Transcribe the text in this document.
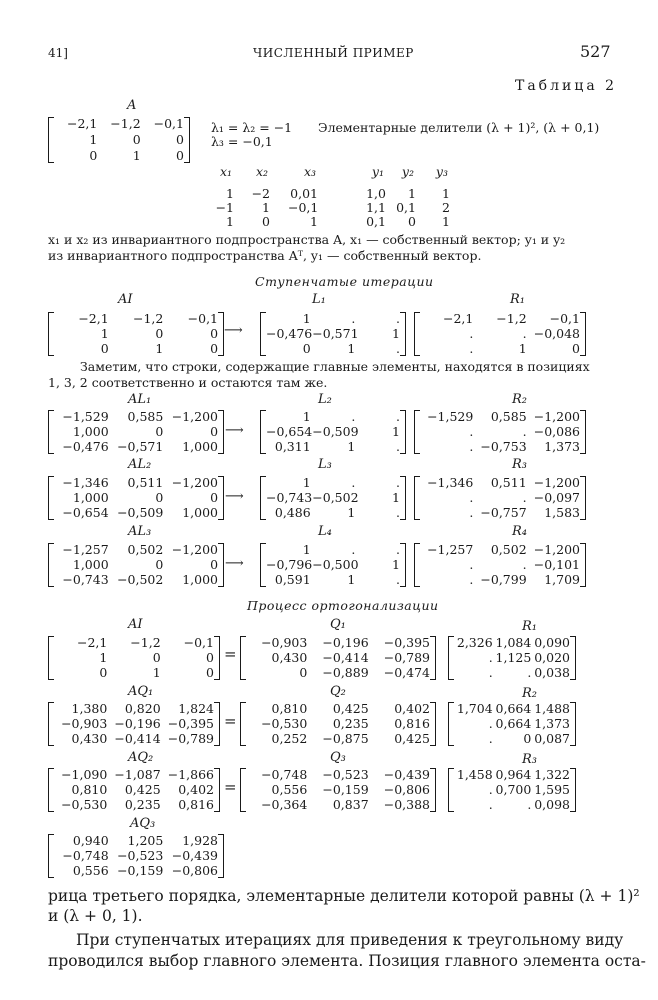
41]	ЧИСЛЕННЫЙ ПРИМЕР	527
Таблица 2
A
−2,1	−1,2	−0,1
1	0	0
0	1	0
λ₁ = λ₂ = −1
λ₃ = −0,1
Элементарные делители (λ + 1)², (λ + 0,1)
x₁	x₂	x₃	y₁	y₂	y₃
1	−2 0,01	1,0	1	1
−1	1 −0,1	1,1 0,1	2
1	0	1	0,1	0	1
x₁ и x₂ из инвариантного подпространства A, x₁ — собственный вектор; y₁ и y₂
из инвариантного подпространства Aᵀ, y₁ — собственный вектор.
Ступенчатые итерации
AI	L₁	R₁
−2,1	−1,2	−0,1
1	0	0
0	1	0
⟶
1	.	.
−0,476 −0,571	1
0	1	.
−2,1	−1,2	−0,1
.	. −0,048
.	1	0
Заметим, что строки, содержащие главные элементы, находятся в позициях
1, 3, 2 соответственно и остаются там же.
AL₁	L₂	R₂
−1,529	0,585 −1,200
1,000	0	0
−0,476 −0,571	1,000
⟶
1	.	.
−0,654 −0,509	1
0,311	1	.
−1,529	0,585 −1,200
.	. −0,086
. −0,753	1,373
AL₂	L₃	R₃
−1,346	0,511 −1,200
1,000	0	0
−0,654 −0,509	1,000
⟶
1	.	.
−0,743 −0,502	1
0,486	1	.
−1,346	0,511 −1,200
.	. −0,097
. −0,757	1,583
AL₃	L₄	R₄
−1,257	0,502 −1,200
1,000	0	0
−0,743 −0,502	1,000
⟶
1	.	.
−0,796 −0,500	1
0,591	1	.
−1,257	0,502 −1,200
.	. −0,101
. −0,799	1,709
Процесс ортогонализации
AI	Q₁	R₁
−2,1	−1,2	−0,1
1	0	0
0	1	0
=
−0,903	−0,196	−0,395
0,430	−0,414	−0,789
0	−0,889	−0,474
2,326 1,084 0,090
. 1,125 0,020
.	. 0,038
AQ₁	Q₂	R₂
1,380	0,820	1,824
−0,903 −0,196 −0,395
0,430 −0,414 −0,789
=
0,810	0,425	0,402
−0,530	0,235	0,816
0,252	−0,875	0,425
1,704 0,664 1,488
. 0,664 1,373
.	0 0,087
AQ₂	Q₃	R₃
−1,090 −1,087 −1,866
0,810	0,425	0,402
−0,530	0,235	0,816
=
−0,748	−0,523	−0,439
0,556	−0,159	−0,806
−0,364	0,837	−0,388
1,458 0,964 1,322
. 0,700 1,595
.	. 0,098
AQ₃
0,940	1,205	1,928
−0,748 −0,523 −0,439
0,556 −0,159 −0,806
рица третьего порядка, элементарные делители которой равны (λ + 1)²
и (λ + 0, 1).
При ступенчатых итерациях для приведения к треугольному виду
проводился выбор главного элемента. Позиция главного элемента оста-
